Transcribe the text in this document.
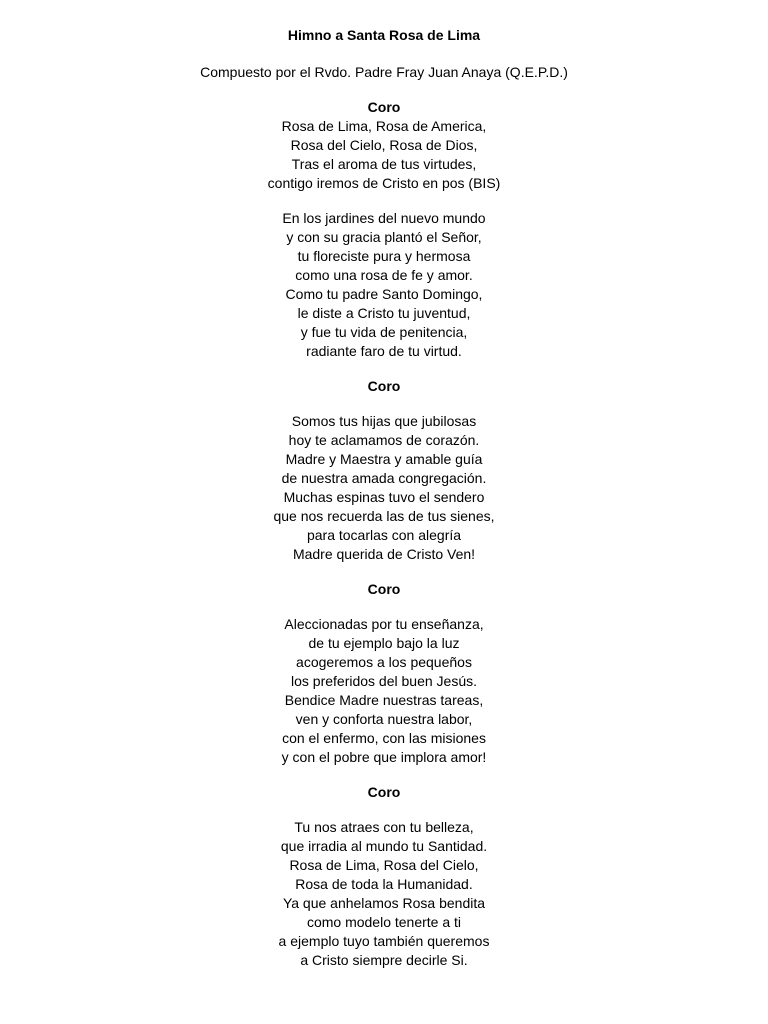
Himno a Santa Rosa de Lima

Compuesto por el Rvdo. Padre Fray Juan Anaya (Q.E.P.D.)

Coro

Rosa de Lima, Rosa de America,

Rosa del Cielo, Rosa de Dios,

Tras el aroma de tus virtudes,

contigo iremos de Cristo en pos (BIS)

En los jardines del nuevo mundo

y con su gracia plantó el Señor,

tu floreciste pura y hermosa

como una rosa de fe y amor.

Como tu padre Santo Domingo,

le diste a Cristo tu juventud,

y fue tu vida de penitencia,

radiante faro de tu virtud.

Coro

Somos tus hijas que jubilosas

hoy te aclamamos de corazón.

Madre y Maestra y amable guía

de nuestra amada congregación.

Muchas espinas tuvo el sendero

que nos recuerda las de tus sienes,

para tocarlas con alegría

Madre querida de Cristo Ven!

Coro

Aleccionadas por tu enseñanza,

de tu ejemplo bajo la luz

acogeremos a los pequeños

los preferidos del buen Jesús.

Bendice Madre nuestras tareas,

ven y conforta nuestra labor,

con el enfermo, con las misiones

y con el pobre que implora amor!

Coro

Tu nos atraes con tu belleza,

que irradia al mundo tu Santidad.

Rosa de Lima, Rosa del Cielo,

Rosa de toda la Humanidad.

Ya que anhelamos Rosa bendita

como modelo tenerte a ti

a ejemplo tuyo también queremos

a Cristo siempre decirle Si.
